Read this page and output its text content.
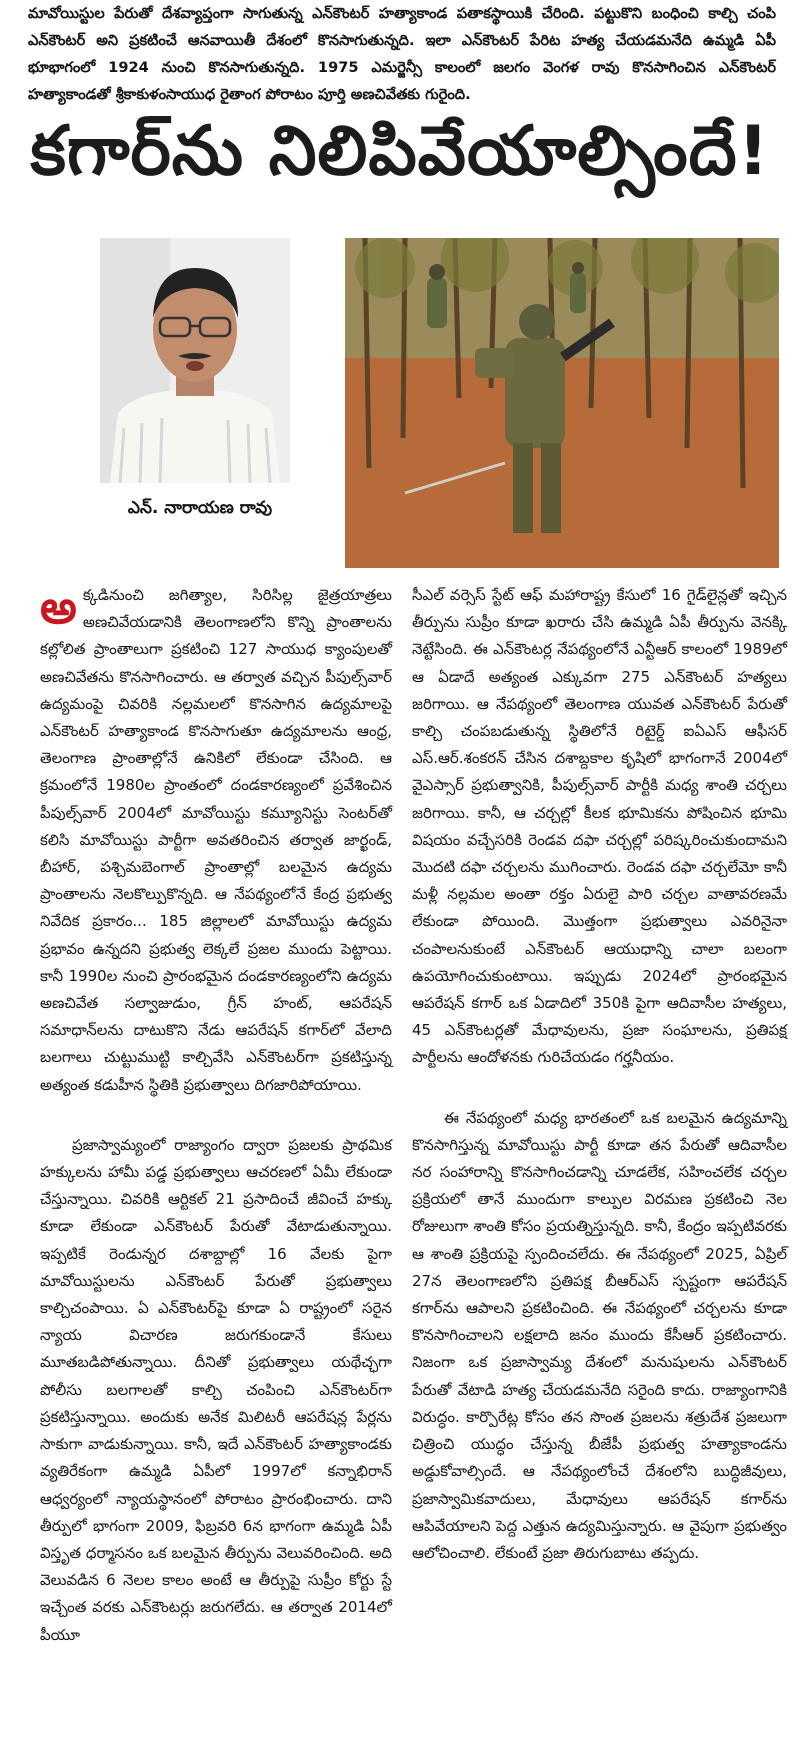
మావోయిస్టుల పేరుతో దేశవ్యాప్తంగా సాగుతున్న ఎన్‌కౌంటర్ హత్యాకాండ పతాకస్థాయికి చేరింది. పట్టుకొని బంధించి కాల్చి చంపి ఎన్‌కౌంటర్ అని ప్రకటించే ఆనవాయితీ దేశంలో కొనసాగుతున్నది. ఇలా ఎన్‌కౌంటర్ పేరిట హత్య చేయడమనేది ఉమ్మడి ఏపీ భూభాగంలో 1924 నుంచి కొనసాగుతున్నది. 1975 ఎమర్జెన్సీ కాలంలో జలగం వెంగళ రావు కొనసాగించిన ఎన్‌కౌంటర్ హత్యాకాండతో శ్రీకాకుళంసాయుధ రైతాంగ పోరాటం పూర్తి అణచివేతకు గురైంది.
కగార్‌ను నిలిపివేయాల్సిందే!
ఎన్. నారాయణ రావు

అక్కడినుంచి జగిత్యాల, సిరిసిల్ల జైత్రయాత్రలు అణచివేయడానికి తెలంగాణలోని కొన్ని ప్రాంతాలను కల్లోలిత ప్రాంతాలుగా ప్రకటించి 127 సాయుధ క్యాంపులతో అణచివేతను కొనసాగించారు. ఆ తర్వాత వచ్చిన పీపుల్స్‌వార్ ఉద్యమంపై చివరికి నల్లమలలో కొనసాగిన ఉద్యమాలపై ఎన్‌కౌంటర్ హత్యాకాండ కొనసాగుతూ ఉద్యమాలను ఆంధ్ర, తెలంగాణ ప్రాంతాల్లోనే ఉనికిలో లేకుండా చేసింది. ఆ క్రమంలోనే 1980ల ప్రాంతంలో దండకారణ్యంలో ప్రవేశించిన పీపుల్స్‌వార్ 2004లో మావోయిస్టు కమ్యూనిస్టు సెంటర్‌తో కలిసి మావోయిస్టు పార్టీగా అవతరించిన తర్వాత జార్ఖండ్, బీహార్, పశ్చిమబెంగాల్ ప్రాంతాల్లో బలమైన ఉద్యమ ప్రాంతాలను నెలకొల్పుకొన్నది. ఆ నేపథ్యంలోనే కేంద్ర ప్రభుత్వ నివేదిక ప్రకారం... 185 జిల్లాలలో మావోయిస్టు ఉద్యమ ప్రభావం ఉన్నదని ప్రభుత్వ లెక్కలే ప్రజల ముందు పెట్టాయి. కానీ 1990ల నుంచి ప్రారంభమైన దండకారణ్యంలోని ఉద్యమ అణచివేత సల్వాజుడుం, గ్రీన్ హంట్, ఆపరేషన్ సమాధాన్‌లను దాటుకొని నేడు ఆపరేషన్ కగార్‌లో వేలాది బలగాలు చుట్టుముట్టి కాల్చివేసి ఎన్‌కౌంటర్‌గా ప్రకటిస్తున్న అత్యంత కడుహీన స్థితికి ప్రభుత్వాలు దిగజారిపోయాయి.

ప్రజాస్వామ్యంలో రాజ్యాంగం ద్వారా ప్రజలకు ప్రాథమిక హక్కులను హామీ పడ్డ ప్రభుత్వాలు ఆచరణలో ఏమీ లేకుండా చేస్తున్నాయి. చివరికి ఆర్టికల్ 21 ప్రసాదించే జీవించే హక్కు కూడా లేకుండా ఎన్‌కౌంటర్ పేరుతో వేటాడుతున్నాయి. ఇప్పటికే రెండున్నర దశాబ్దాల్లో 16 వేలకు పైగా మావోయిస్టులను ఎన్‌కౌంటర్ పేరుతో ప్రభుత్వాలు కాల్చిచంపాయి. ఏ ఎన్‌కౌంటర్‌పై కూడా ఏ రాష్ట్రంలో సరైన న్యాయ విచారణ జరుగకుండానే కేసులు మూతబడిపోతున్నాయి. దీనితో ప్రభుత్వాలు యథేచ్ఛగా పోలీసు బలగాలతో కాల్చి చంపించి ఎన్‌కౌంటర్‌గా ప్రకటిస్తున్నాయి. అందుకు అనేక మిలిటరీ ఆపరేషన్ల పేర్లను సాకుగా వాడుకున్నాయి. కానీ, ఇదే ఎన్‌కౌంటర్ హత్యాకాండకు వ్యతిరేకంగా ఉమ్మడి ఏపీలో 1997లో కన్నాభిరాన్ ఆధ్వర్యంలో న్యాయస్థానంలో పోరాటం ప్రారంభించారు. దాని తీర్పులో భాగంగా 2009, ఫిబ్రవరి 6న భాగంగా ఉమ్మడి ఏపీ విస్తృత ధర్మాసనం ఒక బలమైన తీర్పును వెలువరించింది. అది వెలువడిన 6 నెలల కాలం అంటే ఆ తీర్పుపై సుప్రీం కోర్టు స్టే ఇచ్చేంత వరకు ఎన్‌కౌంటర్లు జరుగలేదు. ఆ తర్వాత 2014లో పీయూ

సీఎల్ వర్సెస్ స్టేట్ ఆఫ్ మహారాష్ట్ర కేసులో 16 గైడ్‌లైన్లతో ఇచ్చిన తీర్పును సుప్రీం కూడా ఖరారు చేసి ఉమ్మడి ఏపీ తీర్పును వెనక్కి నెట్టేసింది. ఈ ఎన్‌కౌంటర్ల నేపథ్యంలోనే ఎన్టీఆర్ కాలంలో 1989లో ఆ ఏడాదే అత్యంత ఎక్కువగా 275 ఎన్‌కౌంటర్ హత్యలు జరిగాయి. ఆ నేపథ్యంలో తెలంగాణ యువత ఎన్‌కౌంటర్ పేరుతో కాల్చి చంపబడుతున్న స్థితిలోనే రిటైర్డ్ ఐఏఎస్ ఆఫీసర్ ఎస్.ఆర్.శంకరన్ చేసిన దశాబ్దకాల కృషిలో భాగంగానే 2004లో వైఎస్సార్ ప్రభుత్వానికి, పీపుల్స్‌వార్ పార్టీకి మధ్య శాంతి చర్చలు జరిగాయి. కానీ, ఆ చర్చల్లో కీలక భూమికను పోషించిన భూమి విషయం వచ్చేసరికి రెండవ దఫా చర్చల్లో పరిష్కరించుకుందామని మొదటి దఫా చర్చలను ముగించారు. రెండవ దఫా చర్చలేమో కానీ మళ్లీ నల్లమల అంతా రక్తం ఏరులై పారి చర్చల వాతావరణమే లేకుండా పోయింది. మొత్తంగా ప్రభుత్వాలు ఎవరినైనా చంపాలనుకుంటే ఎన్‌కౌంటర్ ఆయుధాన్ని చాలా బలంగా ఉపయోగించుకుంటాయి. ఇప్పుడు 2024లో ప్రారంభమైన ఆపరేషన్ కగార్ ఒక ఏడాదిలో 350కి పైగా ఆదివాసీల హత్యలు, 45 ఎన్‌కౌంటర్లతో మేధావులను, ప్రజా సంఘాలను, ప్రతిపక్ష పార్టీలను ఆందోళనకు గురిచేయడం గర్హనీయం.

ఈ నేపథ్యంలో మధ్య భారతంలో ఒక బలమైన ఉద్యమాన్ని కొనసాగిస్తున్న మావోయిస్టు పార్టీ కూడా తన పేరుతో ఆదివాసీల నర సంహారాన్ని కొనసాగించడాన్ని చూడలేక, సహించలేక చర్చల ప్రక్రియలో తానే ముందుగా కాల్పుల విరమణ ప్రకటించి నెల రోజులుగా శాంతి కోసం ప్రయత్నిస్తున్నది. కానీ, కేంద్రం ఇప్పటివరకు ఆ శాంతి ప్రక్రియపై స్పందించలేదు. ఈ నేపథ్యంలో 2025, ఏప్రిల్ 27న తెలంగాణలోని ప్రతిపక్ష బీఆర్‌ఎస్ స్పష్టంగా ఆపరేషన్ కగార్‌ను ఆపాలని ప్రకటించింది. ఈ నేపథ్యంలో చర్చలను కూడా కొనసాగించాలని లక్షలాది జనం ముందు కేసీఆర్ ప్రకటించారు. నిజంగా ఒక ప్రజాస్వామ్య దేశంలో మనుషులను ఎన్‌కౌంటర్ పేరుతో వేటాడి హత్య చేయడమనేది సరైంది కాదు. రాజ్యాంగానికి విరుద్ధం. కార్పొరేట్ల కోసం తన సొంత ప్రజలను శత్రుదేశ ప్రజలుగా చిత్రించి యుద్ధం చేస్తున్న బీజేపీ ప్రభుత్వ హత్యాకాండను అడ్డుకోవాల్సిందే. ఆ నేపథ్యంలోంచే దేశంలోని బుద్ధిజీవులు, ప్రజాస్వామికవాదులు, మేధావులు ఆపరేషన్ కగార్‌ను ఆపివేయాలని పెద్ద ఎత్తున ఉద్యమిస్తున్నారు. ఆ వైపుగా ప్రభుత్వం ఆలోచించాలి. లేకుంటే ప్రజా తిరుగుబాటు తప్పదు.
